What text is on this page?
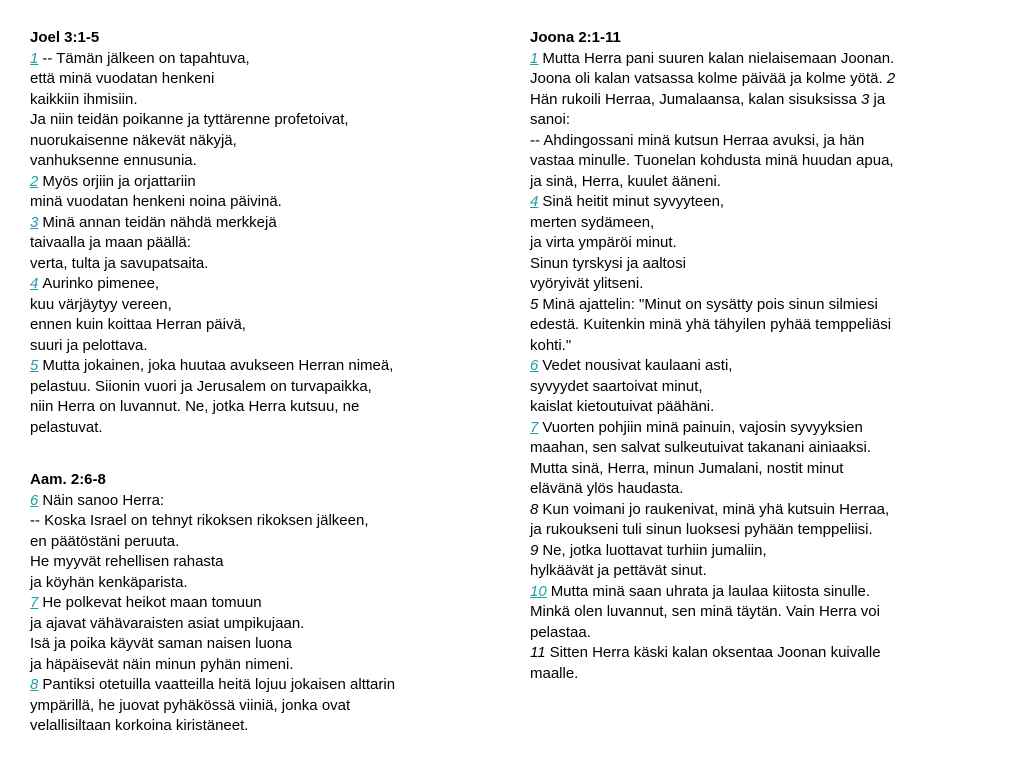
Joel 3:1-5
1 -- Tämän jälkeen on tapahtuva,
että minä vuodatan henkeni
kaikkiin ihmisiin.
Ja niin teidän poikanne ja tyttärenne profetoivat,
nuorukaisenne näkevät näkyjä,
vanhuksenne ennusunia.
2 Myös orjiin ja orjattariin
minä vuodatan henkeni noina päivinä.
3 Minä annan teidän nähdä merkkejä
taivaalla ja maan päällä:
verta, tulta ja savupatsaita.
4 Aurinko pimenee,
kuu värjäytyy vereen,
ennen kuin koittaa Herran päivä,
suuri ja pelottava.
5 Mutta jokainen, joka huutaa avukseen Herran nimeä,
pelastuu. Siionin vuori ja Jerusalem on turvapaikka,
niin Herra on luvannut. Ne, jotka Herra kutsuu, ne
pelastuvat.
Aam. 2:6-8
6 Näin sanoo Herra:
-- Koska Israel on tehnyt rikoksen rikoksen jälkeen,
en päätöstäni peruuta.
He myyvät rehellisen rahasta
ja köyhän kenkäparista.
7 He polkevat heikot maan tomuun
ja ajavat vähävaraisten asiat umpikujaan.
Isä ja poika käyvät saman naisen luona
ja häpäisevät näin minun pyhän nimeni.
8 Pantiksi otetuilla vaatteilla heitä lojuu jokaisen alttarin
ympärillä, he juovat pyhäkössä viiniä, jonka ovat
velallisiltaan korkoina kiristäneet.
Joona 2:1-11
1 Mutta Herra pani suuren kalan nielaisemaan Joonan.
Joona oli kalan vatsassa kolme päivää ja kolme yötä. 2
Hän rukoili Herraa, Jumalaansa, kalan sisuksissa 3 ja
sanoi:
-- Ahdingossani minä kutsun Herraa avuksi, ja hän
vastaa minulle. Tuonelan kohdusta minä huudan apua,
ja sinä, Herra, kuulet ääneni.
4 Sinä heitit minut syvyyteen,
merten sydämeen,
ja virta ympäröi minut.
Sinun tyrskysi ja aaltosi
vyöryivät ylitseni.
5 Minä ajattelin: "Minut on sysätty pois sinun silmiesi
edestä. Kuitenkin minä yhä tähyilen pyhää temppeliäsi
kohti."
6 Vedet nousivat kaulaani asti,
syvyydet saartoivat minut,
kaislat kietoutuivat päähäni.
7 Vuorten pohjiin minä painuin, vajosin syvyyksien
maahan, sen salvat sulkeutuivat takanani ainiaaksi.
Mutta sinä, Herra, minun Jumalani, nostit minut
elävänä ylös haudasta.
8 Kun voimani jo raukenivat, minä yhä kutsuin Herraa,
ja rukoukseni tuli sinun luoksesi pyhään temppeliisi.
9 Ne, jotka luottavat turhiin jumaliin,
hylkäävät ja pettävät sinut.
10 Mutta minä saan uhrata ja laulaa kiitosta sinulle.
Minkä olen luvannut, sen minä täytän. Vain Herra voi
pelastaa.
11 Sitten Herra käski kalan oksentaa Joonan kuivalle
maalle.
